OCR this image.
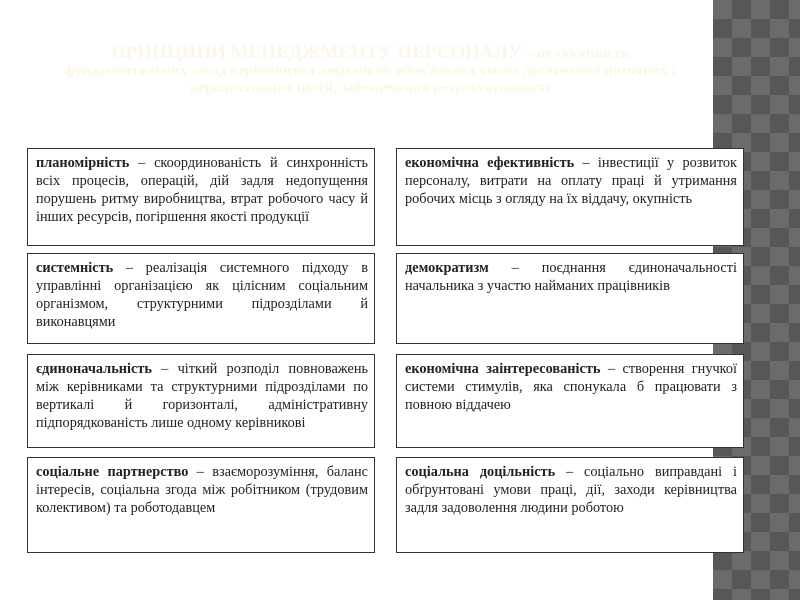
ПРИНЦИПИ МЕНЕДЖМЕНТУ ПЕРСОНАЛУ – це сукупність фундаментальних засад керівництва людьми як обов'язкова умова досягнення поточних і перспективних цілей, забезпечення результативності
планомірність – скоординованість й синхронність всіх процесів, операцій, дій задля недопущення порушень ритму виробництва, втрат робочого часу й інших ресурсів, погіршення якості продукції
економічна ефективність – інвестиції у розвиток персоналу, витрати на оплату праці й утримання робочих місць з огляду на їх віддачу, окупність
системність – реалізація системного підходу в управлінні організацією як цілісним соціальним організмом, структурними підрозділами й виконавцями
демократизм – поєднання єдиноначальності начальника з участю найманих працівників
єдиноначальність – чіткий розподіл повноважень між керівниками та структурними підрозділами по вертикалі й горизонталі, адміністративну підпорядкованість лише одному керівникові
економічна заінтересованість – створення гнучкої системи стимулів, яка спонукала б працювати з повною віддачею
соціальне партнерство – взаєморозуміння, баланс інтересів, соціальна згода між робітником (трудовим колективом) та роботодавцем
соціальна доцільність – соціально виправдані і обґрунтовані умови праці, дії, заходи керівництва задля задоволення людини роботою
